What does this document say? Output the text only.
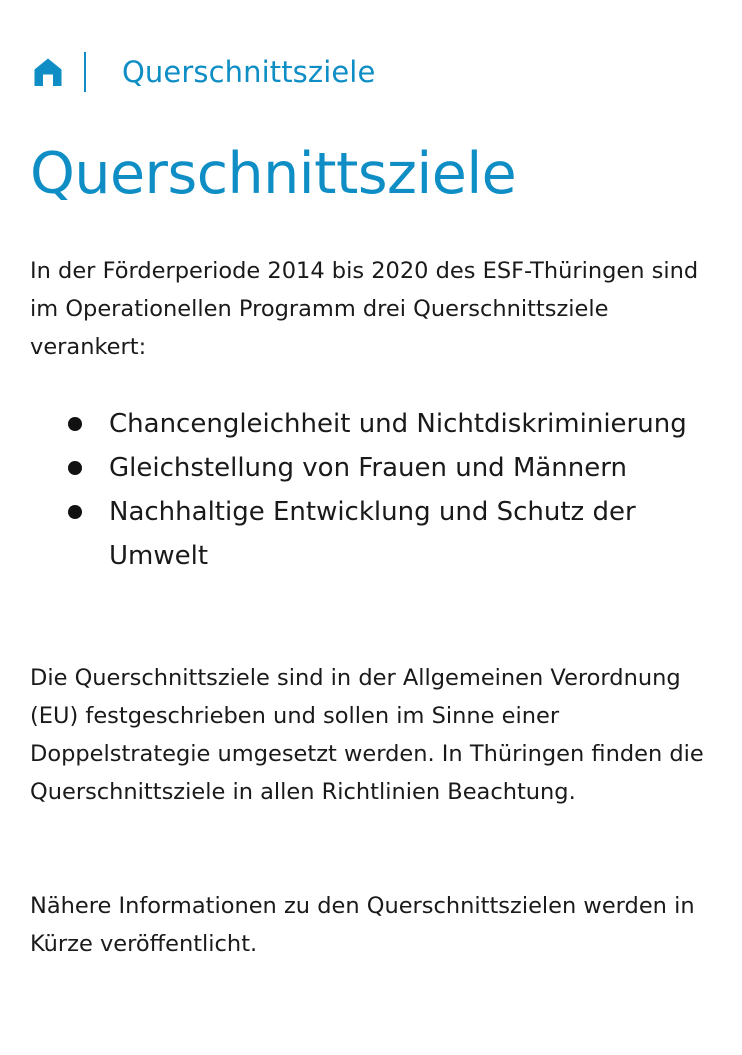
Querschnittsziele
Querschnittsziele

In der Förderperiode 2014 bis 2020 des ESF-Thüringen sind im Operationellen Programm drei Querschnittsziele verankert:

Chancengleichheit und Nichtdiskriminierung
Gleichstellung von Frauen und Männern
Nachhaltige Entwicklung und Schutz der Umwelt

Die Querschnittsziele sind in der Allgemeinen Verordnung (EU) festgeschrieben und sollen im Sinne einer Doppelstrategie umgesetzt werden. In Thüringen finden die Querschnittsziele in allen Richtlinien Beachtung.

Nähere Informationen zu den Querschnittszielen werden in Kürze veröffentlicht.
